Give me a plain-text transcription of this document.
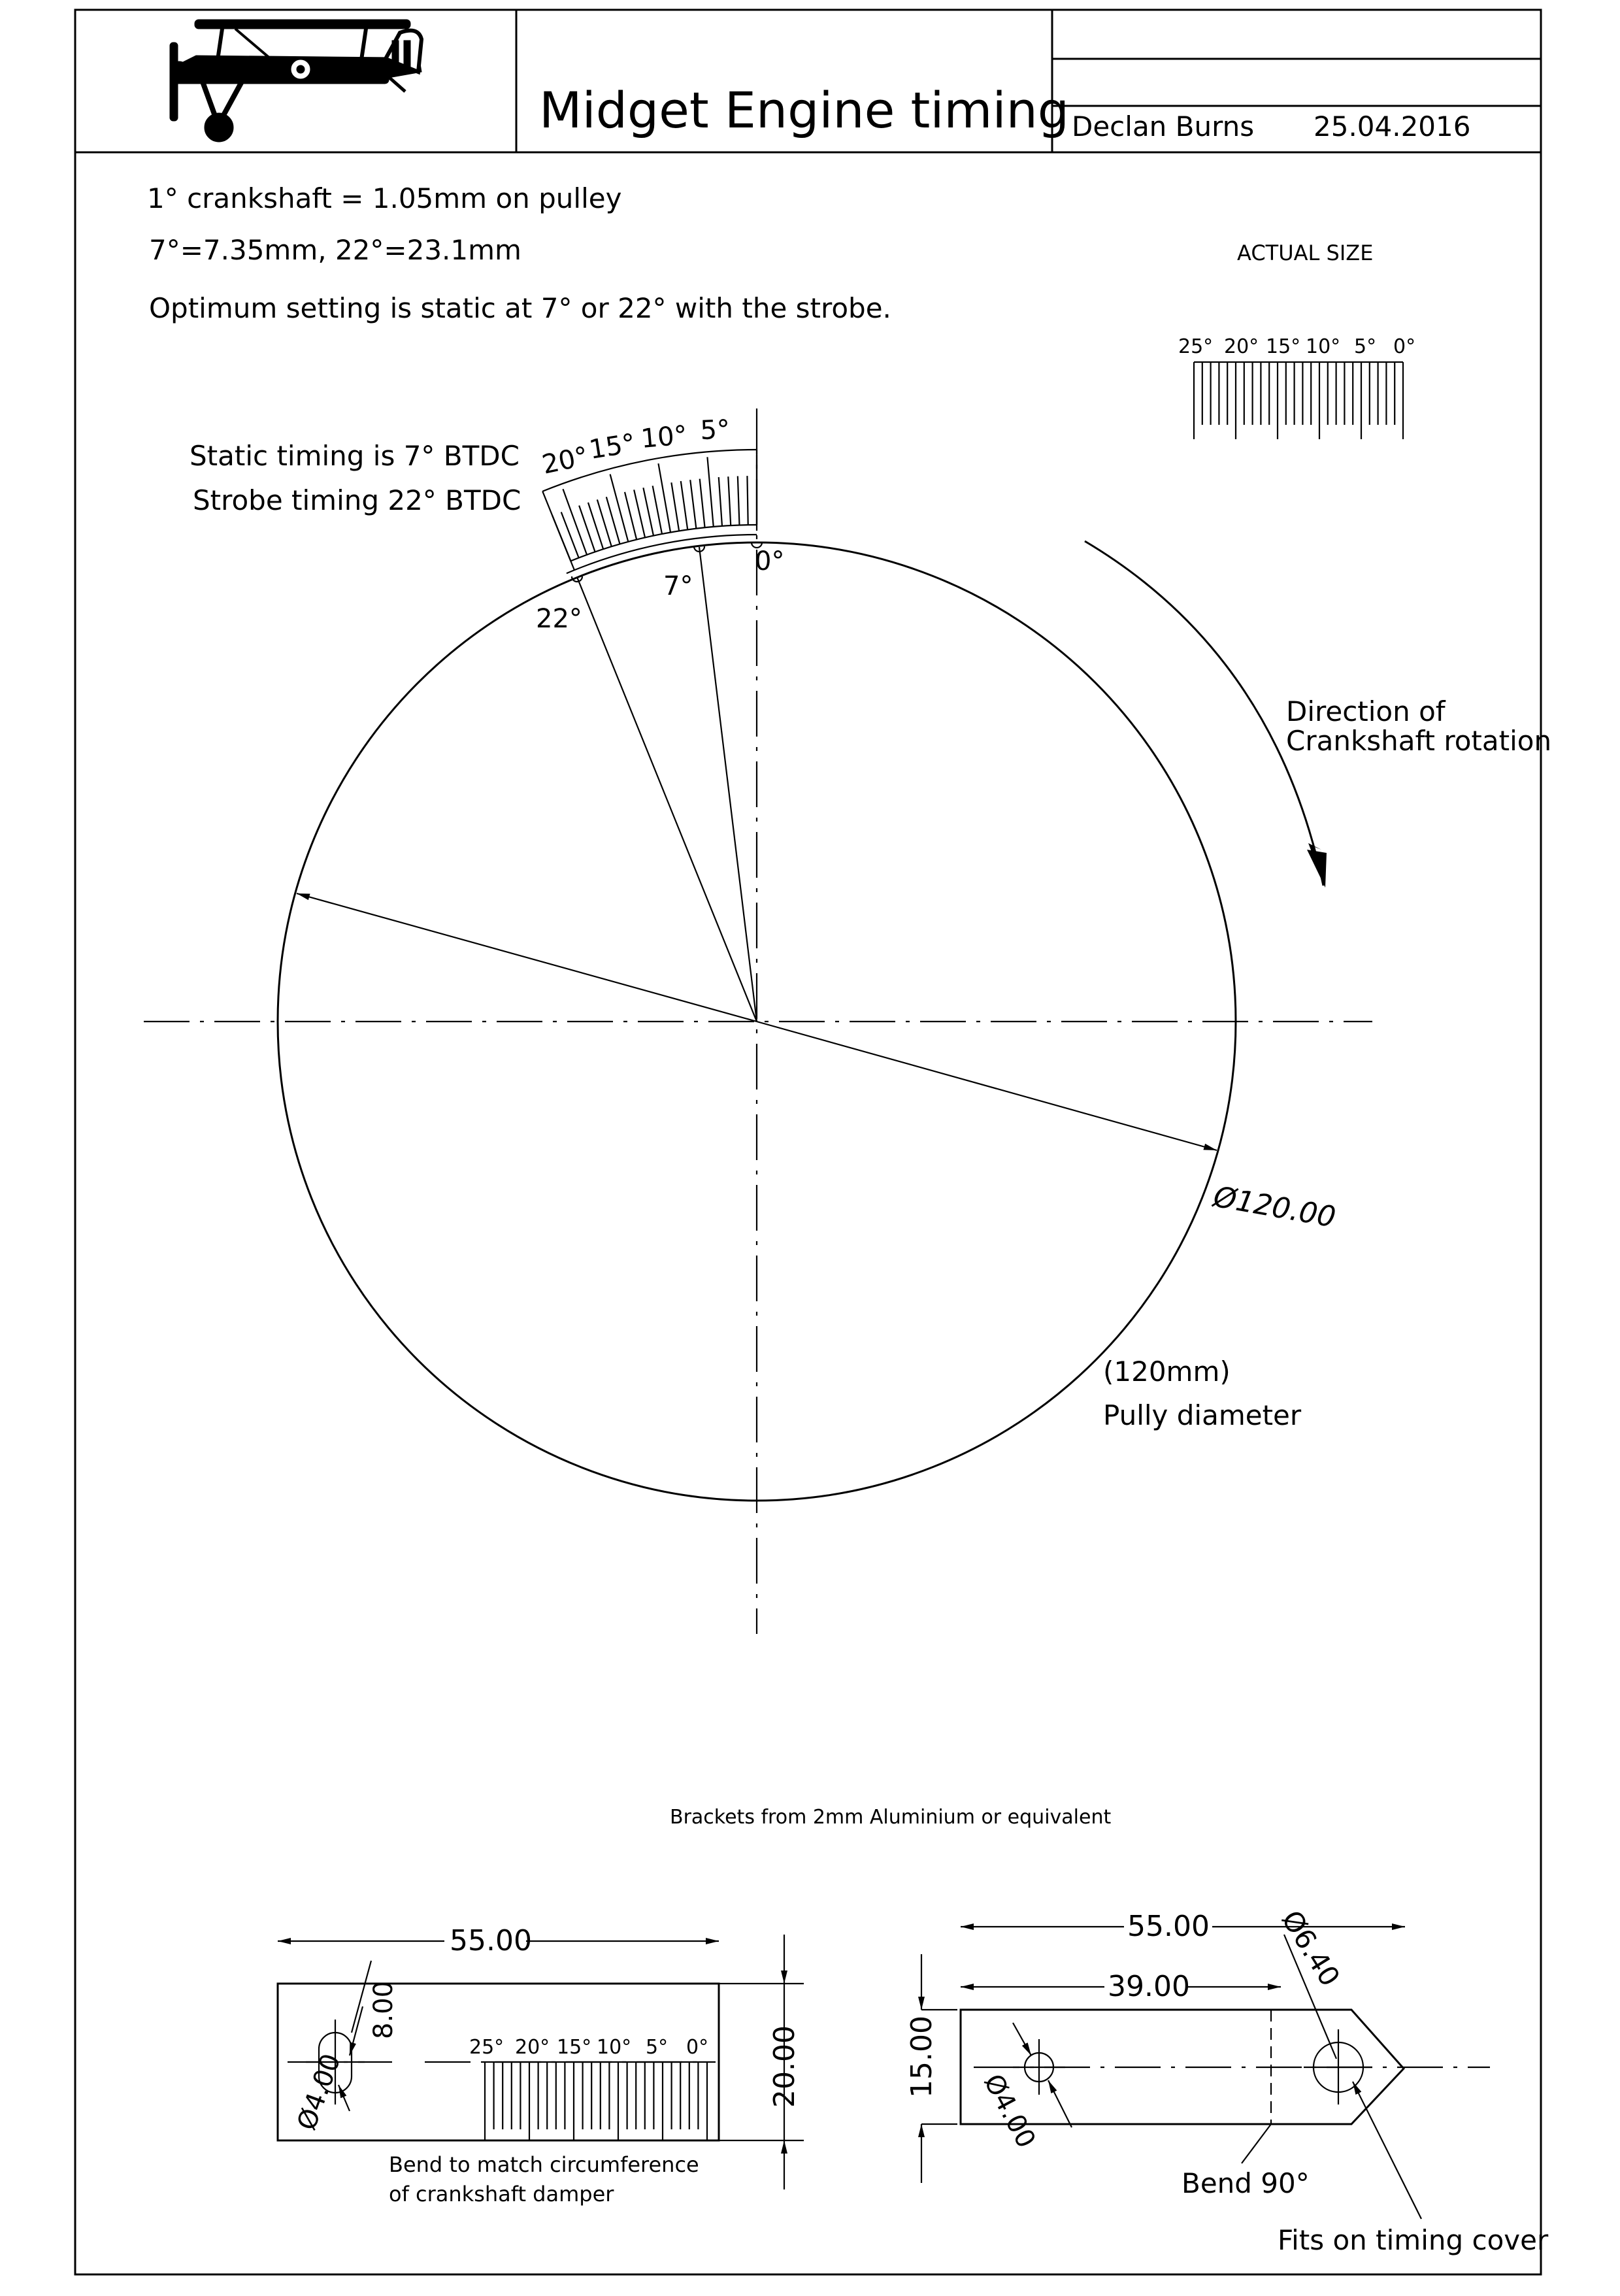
Midget Engine timing Declan Burns 25.04.2016
1° crankshaft = 1.05mm on pulley
7°=7.35mm, 22°=23.1mm
Optimum setting is static at 7° or 22° with the strobe.
Static timing is 7° BTDC
Strobe timing 22° BTDC
ACTUAL SIZE
25° 20° 15° 10° 5° 0°
Ø120.00
(120mm)
Pully diameter
22°
7°
0°
20°
15° 10° 5°
Direction of
Crankshaft rotation
Brackets from 2mm Aluminium or equivalent
55.00
8.00
Ø4.00
25° 20° 15° 10° 5° 0° 20.00
Bend to match circumference
of crankshaft damper
55.00
39.00	Ø6.40
Ø4.00
15.00
Bend 90°
Fits on timing cover
